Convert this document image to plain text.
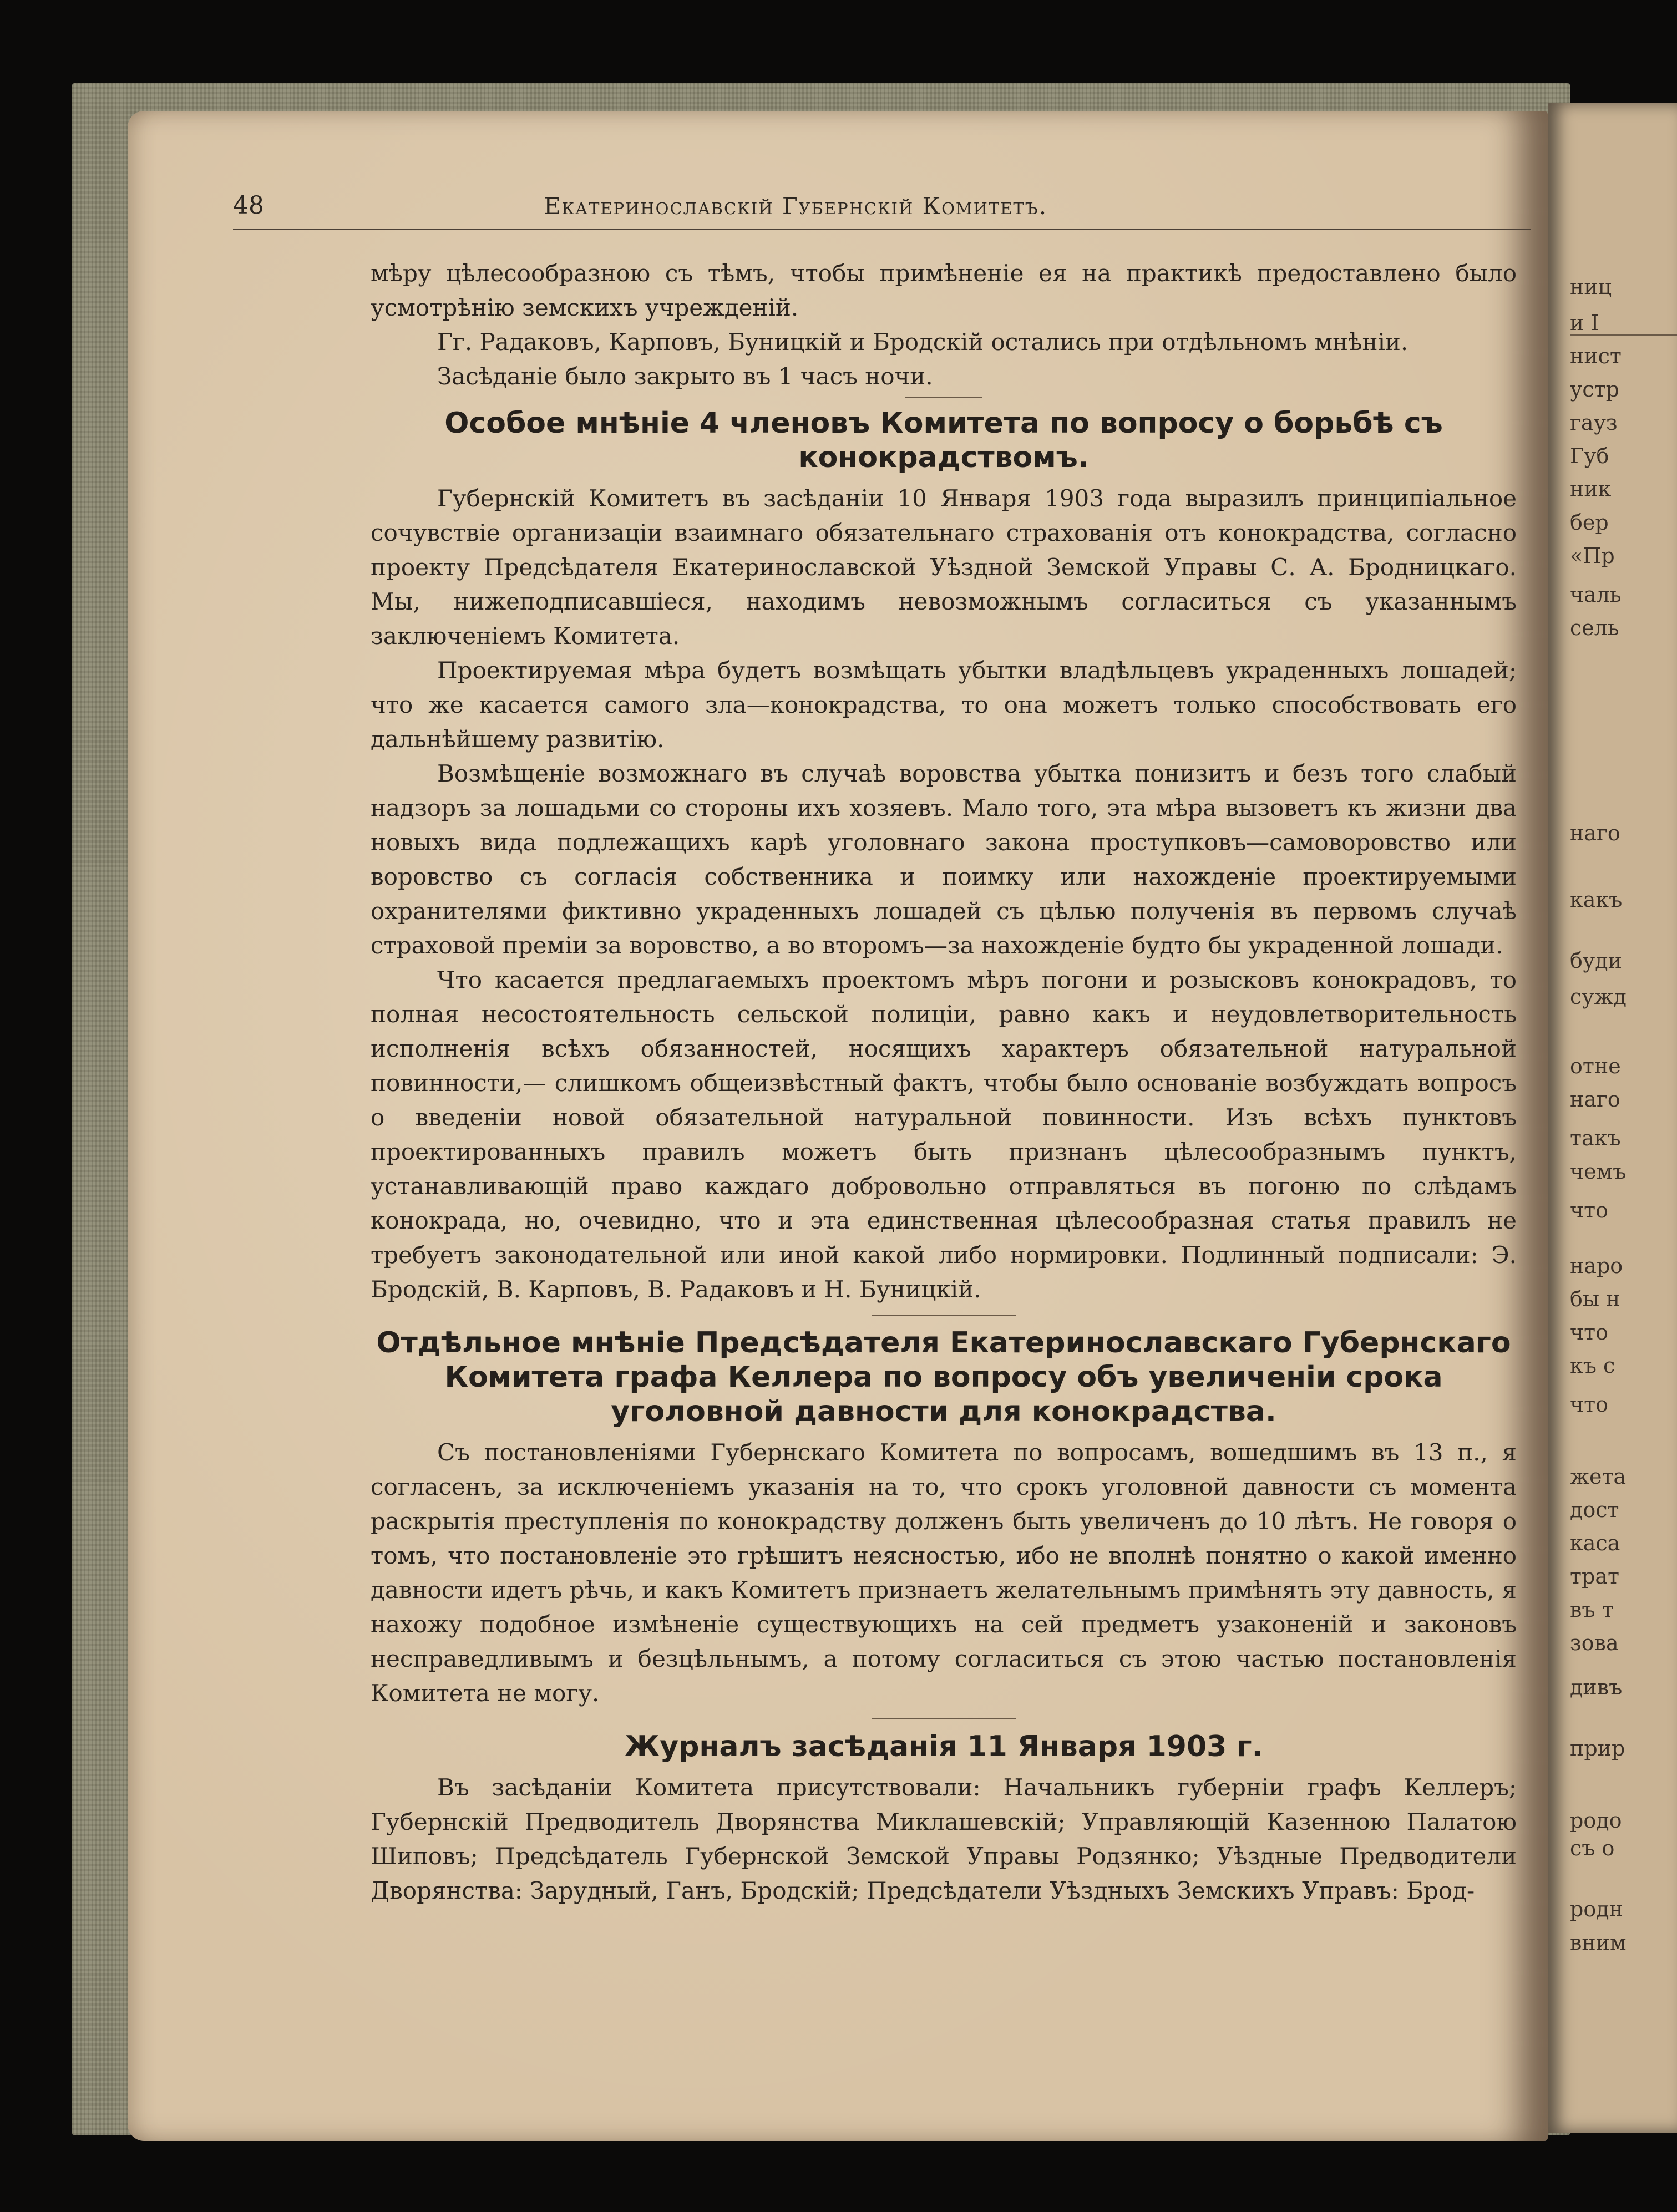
ниц
и І
нист
устр
гауз
Губ
ник
бер
«Пр
чаль
сель
наго
какъ
буди
сужд
отне
наго
такъ
чемъ
что
наро
бы н
что
къ с
что
жета
дост
каса
трат
въ т
зова
дивъ
прир
родо
съ о
родн
вним
48	Екатеринославскій Губернскій Комитетъ.

мѣру цѣлесообразною съ тѣмъ, чтобы примѣненіе ея на практикѣ предоставлено было усмотрѣнію земскихъ учрежденій.

Гг. Радаковъ, Карповъ, Буницкій и Бродскій остались при отдѣльномъ мнѣніи.

Засѣданіе было закрыто въ 1 часъ ночи.

Особое мнѣніе 4 членовъ Комитета по вопросу о борьбѣ съ конокрадствомъ.

Губернскій Комитетъ въ засѣданіи 10 Января 1903 года выразилъ принципіальное сочувствіе организаціи взаимнаго обязательнаго страхованія отъ конокрадства, согласно проекту Предсѣдателя Екатеринославской Уѣздной Земской Управы С. А. Бродницкаго. Мы, нижеподписавшіеся, находимъ невозможнымъ согласиться съ указаннымъ заключеніемъ Комитета.

Проектируемая мѣра будетъ возмѣщать убытки владѣльцевъ украденныхъ лошадей; что же касается самого зла—конокрадства, то она можетъ только способствовать его дальнѣйшему развитію.

Возмѣщеніе возможнаго въ случаѣ воровства убытка понизитъ и безъ того слабый надзоръ за лошадьми со стороны ихъ хозяевъ. Мало того, эта мѣра вызоветъ къ жизни два новыхъ вида подлежащихъ карѣ уголовнаго закона проступковъ—самоворовство или воровство съ согласія собственника и поимку или нахожденіе проектируемыми охранителями фиктивно украденныхъ лошадей съ цѣлью полученія въ первомъ случаѣ страховой преміи за воровство, а во второмъ—за нахожденіе будто бы украденной лошади.

Что касается предлагаемыхъ проектомъ мѣръ погони и розысковъ конокрадовъ, то полная несостоятельность сельской полиціи, равно какъ и неудовлетворительность исполненія всѣхъ обязанностей, носящихъ характеръ обязательной натуральной повинности,— слишкомъ общеизвѣстный фактъ, чтобы было основаніе возбуждать вопросъ о введеніи новой обязательной натуральной повинности. Изъ всѣхъ пунктовъ проектированныхъ правилъ можетъ быть признанъ цѣлесообразнымъ пунктъ, устанавливающій право каждаго добровольно отправляться въ погоню по слѣдамъ конокрада, но, очевидно, что и эта единственная цѣлесообразная статья правилъ не требуетъ законодательной или иной какой либо нормировки. Подлинный подписали: Э. Бродскій, В. Карповъ, В. Радаковъ и Н. Буницкій.

Отдѣльное мнѣніе Предсѣдателя Екатеринославскаго Губернскаго Комитета графа Келлера по вопросу объ увеличеніи срока уголовной давности для конокрадства.

Съ постановленіями Губернскаго Комитета по вопросамъ, вошедшимъ въ 13 п., я согласенъ, за исключеніемъ указанія на то, что срокъ уголовной давности съ момента раскрытія преступленія по конокрадству долженъ быть увеличенъ до 10 лѣтъ. Не говоря о томъ, что постановленіе это грѣшитъ неясностью, ибо не вполнѣ понятно о какой именно давности идетъ рѣчь, и какъ Комитетъ признаетъ желательнымъ примѣнять эту давность, я нахожу подобное измѣненіе существующихъ на сей предметъ узаконеній и законовъ несправедливымъ и безцѣльнымъ, а потому согласиться съ этою частью постановленія Комитета не могу.

Журналъ засѣданія 11 Января 1903 г.

Въ засѣданіи Комитета присутствовали: Начальникъ губерніи графъ Келлеръ; Губернскій Предводитель Дворянства Миклашевскій; Управляющій Казенною Палатою Шиповъ; Предсѣдатель Губернской Земской Управы Родзянко; Уѣздные Предводители Дворянства: Зарудный, Ганъ, Бродскій; Предсѣдатели Уѣздныхъ Земскихъ Управъ: Брод-
